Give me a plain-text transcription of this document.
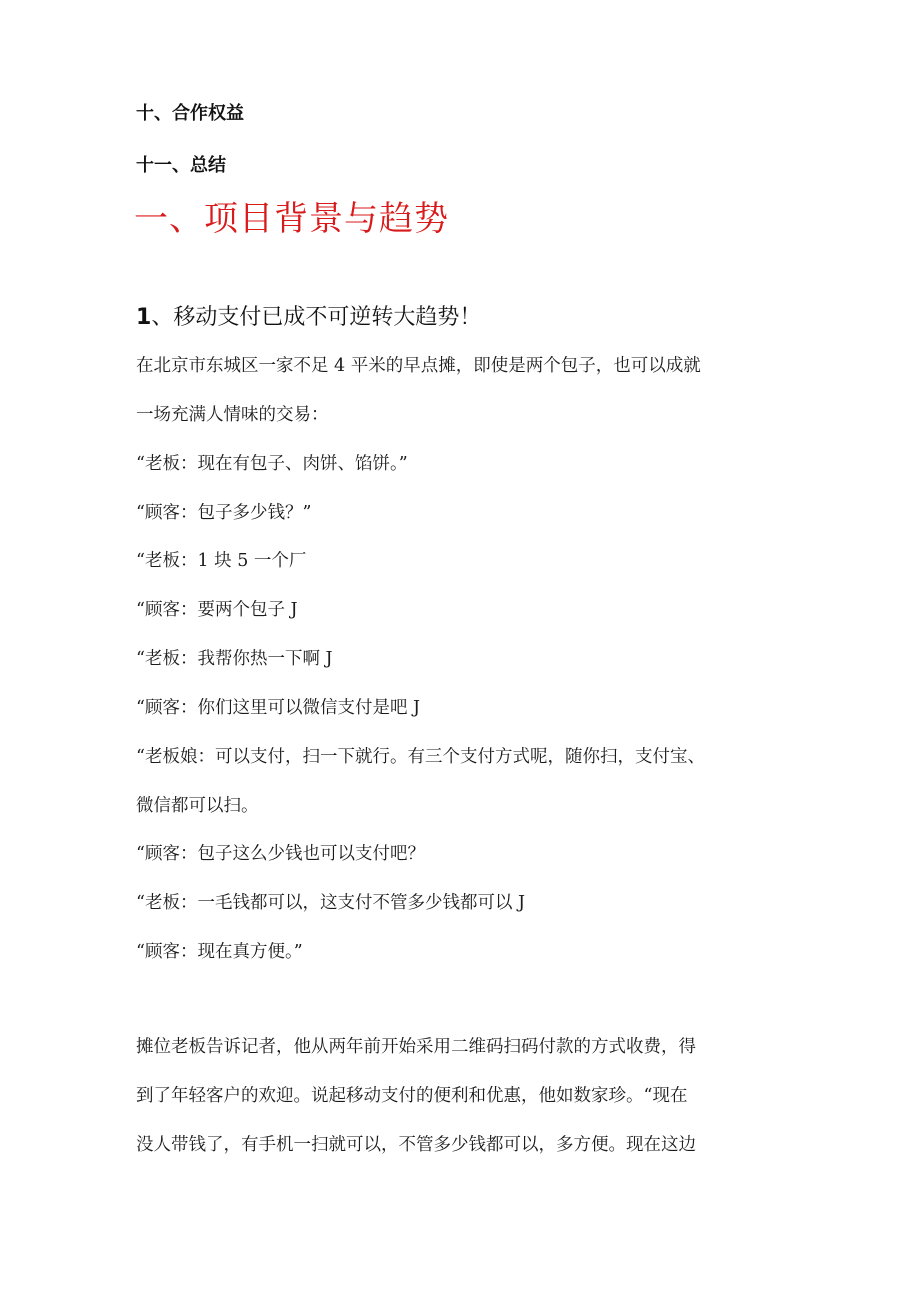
十、合作权益

十一、总结

一、项目背景与趋势
1、移动支付已成不可逆转大趋势！

在北京市东城区一家不足 4 平米的早点摊，即使是两个包子，也可以成就

一场充满人情味的交易：

“老板：现在有包子、肉饼、馅饼。”

“顾客：包子多少钱？”

“老板：1 块 5 一个厂

“顾客：要两个包子 J

“老板：我帮你热一下啊 J

“顾客：你们这里可以微信支付是吧 J

“老板娘：可以支付，扫一下就行。有三个支付方式呢，随你扫，支付宝、

微信都可以扫。

“顾客：包子这么少钱也可以支付吧？

“老板：一毛钱都可以，这支付不管多少钱都可以 J

“顾客：现在真方便。”

摊位老板告诉记者，他从两年前开始采用二维码扫码付款的方式收费，得

到了年轻客户的欢迎。说起移动支付的便利和优惠，他如数家珍。“现在

没人带钱了，有手机一扫就可以，不管多少钱都可以，多方便。现在这边
